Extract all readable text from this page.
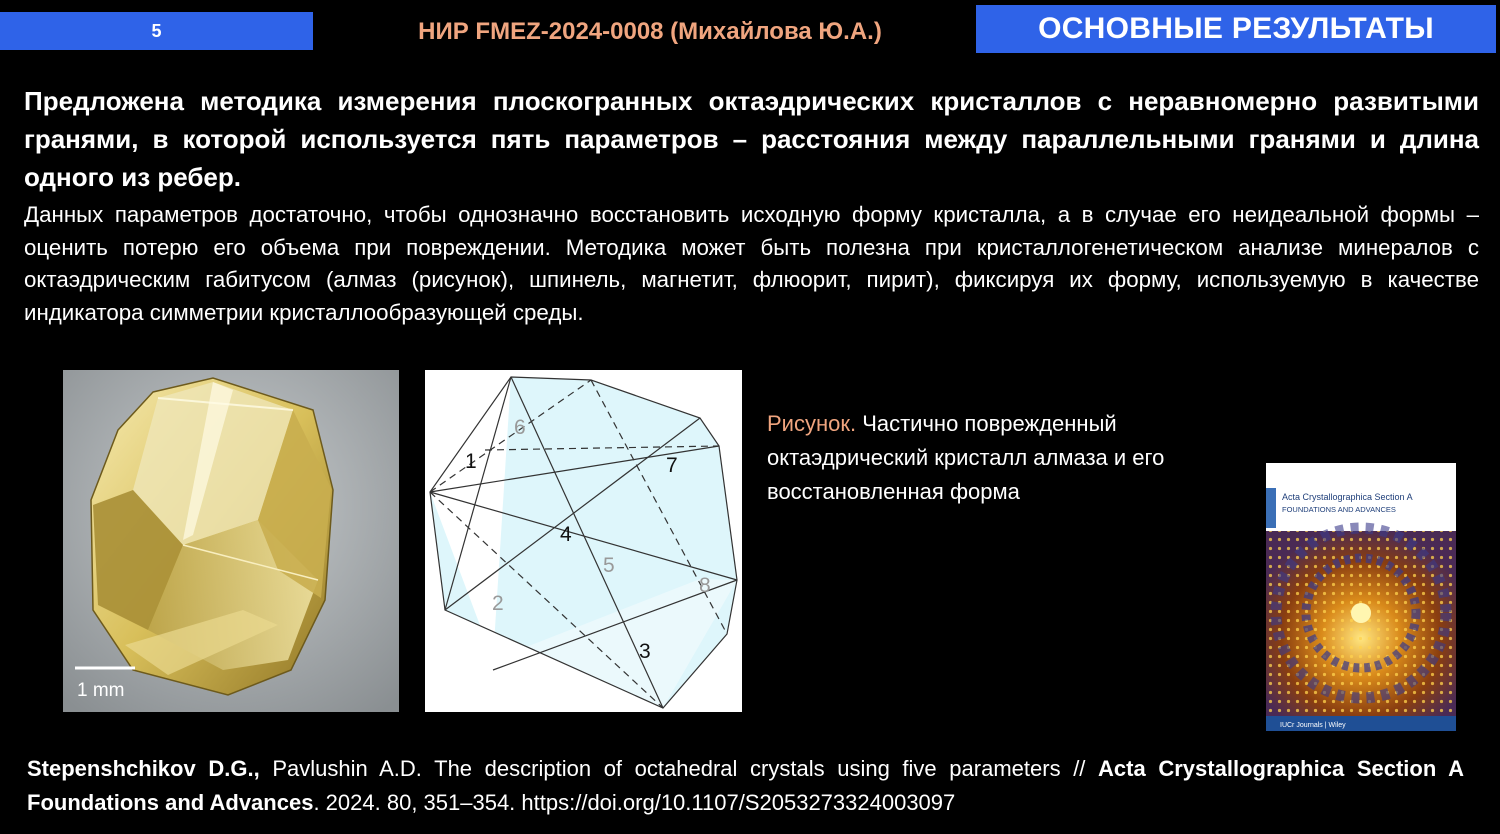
5	НИР FMEZ-2024-0008 (Михайлова Ю.А.)	ОСНОВНЫЕ РЕЗУЛЬТАТЫ
Предложена методика измерения плоскогранных октаэдрических кристаллов с неравномерно развитыми гранями, в которой используется пять параметров – расстояния между параллельными гранями и длина одного из ребер.
Данных параметров достаточно, чтобы однозначно восстановить исходную форму кристалла, а в случае его неидеальной формы – оценить потерю его объема при повреждении. Методика может быть полезна при кристаллогенетическом анализе минералов с октаэдрическим габитусом (алмаз (рисунок), шпинель, магнетит, флюорит, пирит), фиксируя их форму, используемую в качестве индикатора симметрии кристаллообразующей среды.
1 mm
1
2
3
4
5
6
7
8
Рисунок. Частично поврежденный октаэдрический кристалл алмаза и его восстановленная форма	Acta Crystallographica Section A
FOUNDATIONS AND ADVANCES
IUCr Journals | Wiley
Stepenshchikov D.G., Pavlushin A.D. The description of octahedral crystals using five parameters // Acta Crystallographica Section A Foundations and Advances. 2024. 80, 351–354. https://doi.org/10.1107/S2053273324003097
